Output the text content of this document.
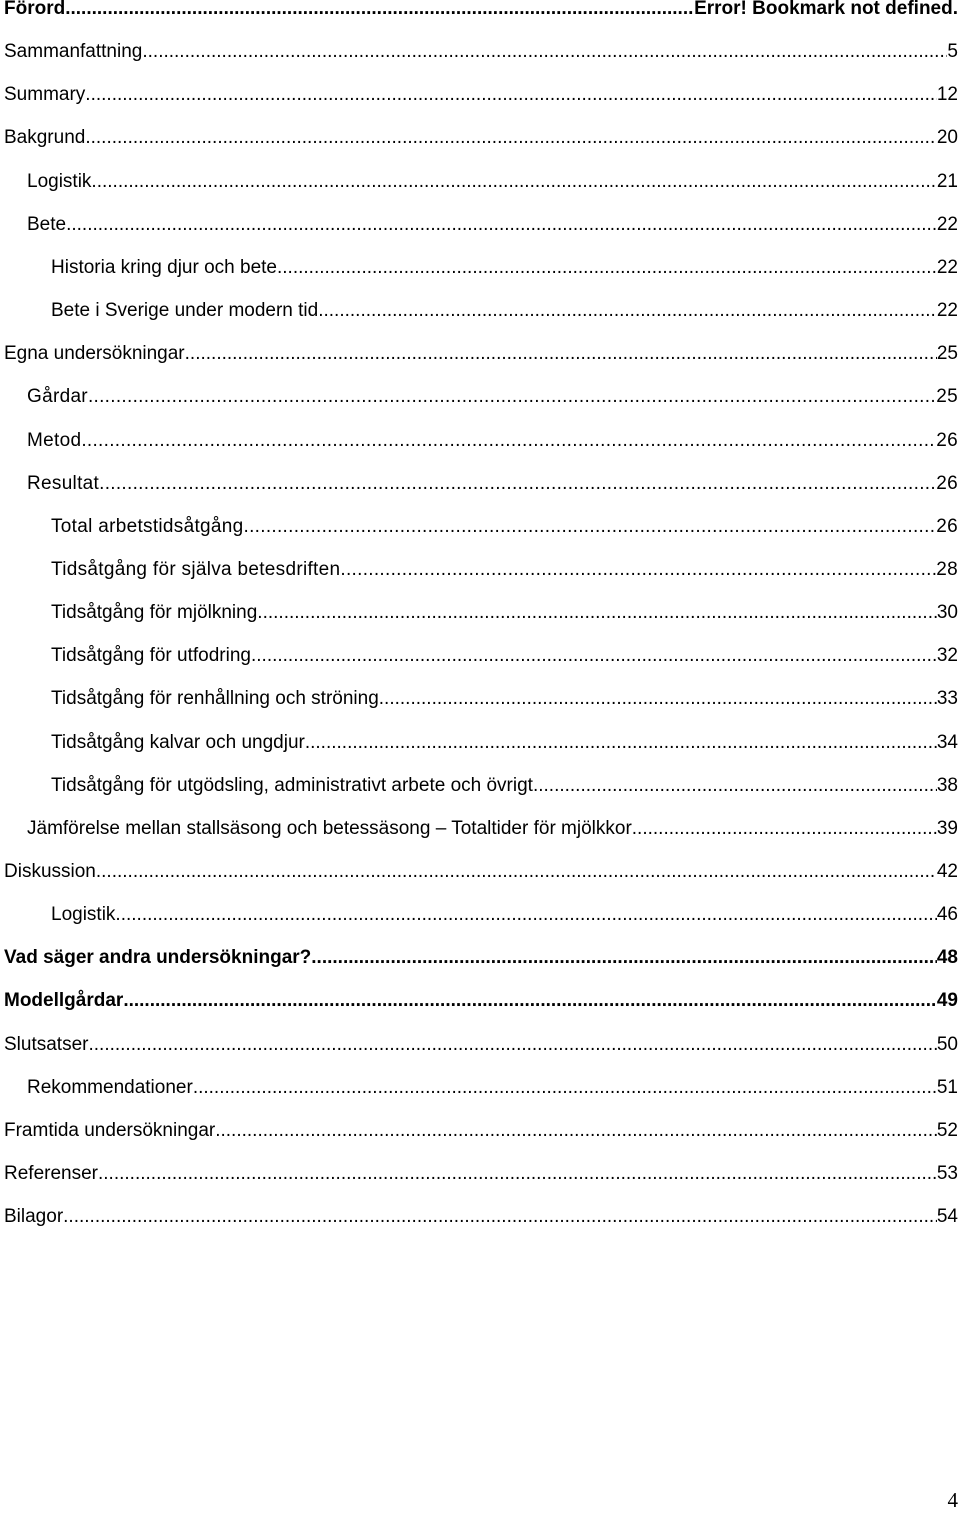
Förord .....	Error! Bookmark not defined.
Sammanfattning .....	5
Summary .....	12
Bakgrund .....	20
Logistik .....	21
Bete .....	22
Historia kring djur och bete .....	22
Bete i Sverige under modern tid .....	22
Egna undersökningar .....	25
Gårdar .....	25
Metod .....	26
Resultat .....	26
Total arbetstidsåtgång .....	26
Tidsåtgång för själva betesdriften .....	28
Tidsåtgång för mjölkning .....	30
Tidsåtgång för utfodring .....	32
Tidsåtgång för renhållning och ströning .....	33
Tidsåtgång kalvar och ungdjur .....	34
Tidsåtgång för utgödsling, administrativt arbete och övrigt .....	38
Jämförelse mellan stallsäsong och betessäsong – Totaltider för mjölkkor .....	39
Diskussion .....	42
Logistik .....	46
Vad säger andra undersökningar? .....	48
Modellgårdar .....	49
Slutsatser .....	50
Rekommendationer .....	51
Framtida undersökningar .....	52
Referenser .....	53
Bilagor .....	54
4
